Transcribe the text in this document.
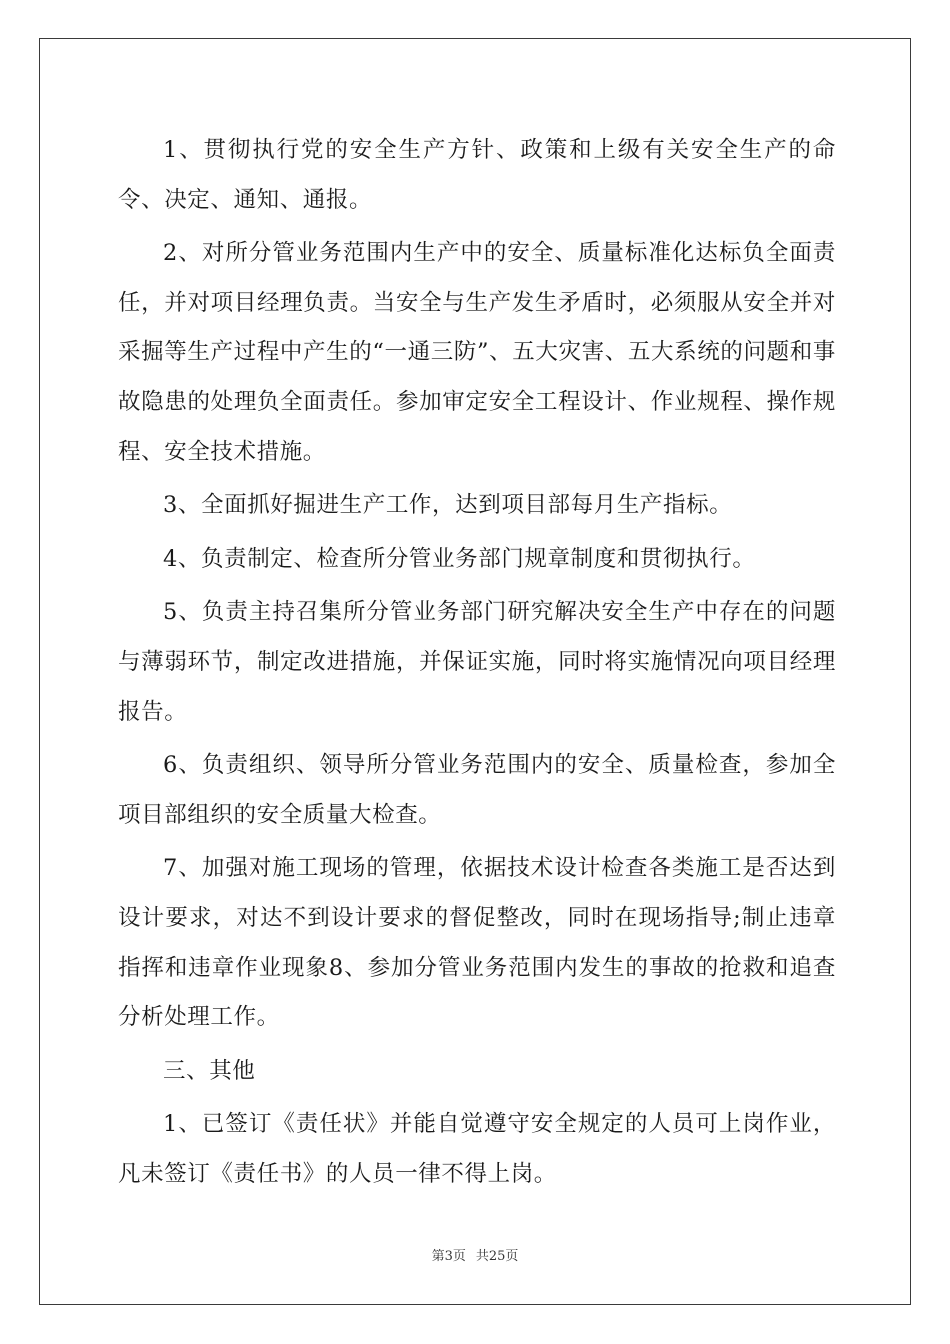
1、贯彻执行党的安全生产方针、政策和上级有关安全生产的命令、决定、通知、通报。

2、对所分管业务范围内生产中的安全、质量标准化达标负全面责任，并对项目经理负责。当安全与生产发生矛盾时，必须服从安全并对采掘等生产过程中产生的“一通三防”、五大灾害、五大系统的问题和事故隐患的处理负全面责任。参加审定安全工程设计、作业规程、操作规程、安全技术措施。

3、全面抓好掘进生产工作，达到项目部每月生产指标。

4、负责制定、检查所分管业务部门规章制度和贯彻执行。

5、负责主持召集所分管业务部门研究解决安全生产中存在的问题与薄弱环节，制定改进措施，并保证实施，同时将实施情况向项目经理报告。

6、负责组织、领导所分管业务范围内的安全、质量检查，参加全项目部组织的安全质量大检查。

7、加强对施工现场的管理，依据技术设计检查各类施工是否达到设计要求，对达不到设计要求的督促整改，同时在现场指导;制止违章指挥和违章作业现象8、参加分管业务范围内发生的事故的抢救和追查分析处理工作。

三、其他

1、已签订《责任状》并能自觉遵守安全规定的人员可上岗作业，凡未签订《责任书》的人员一律不得上岗。

第3页 共25页
